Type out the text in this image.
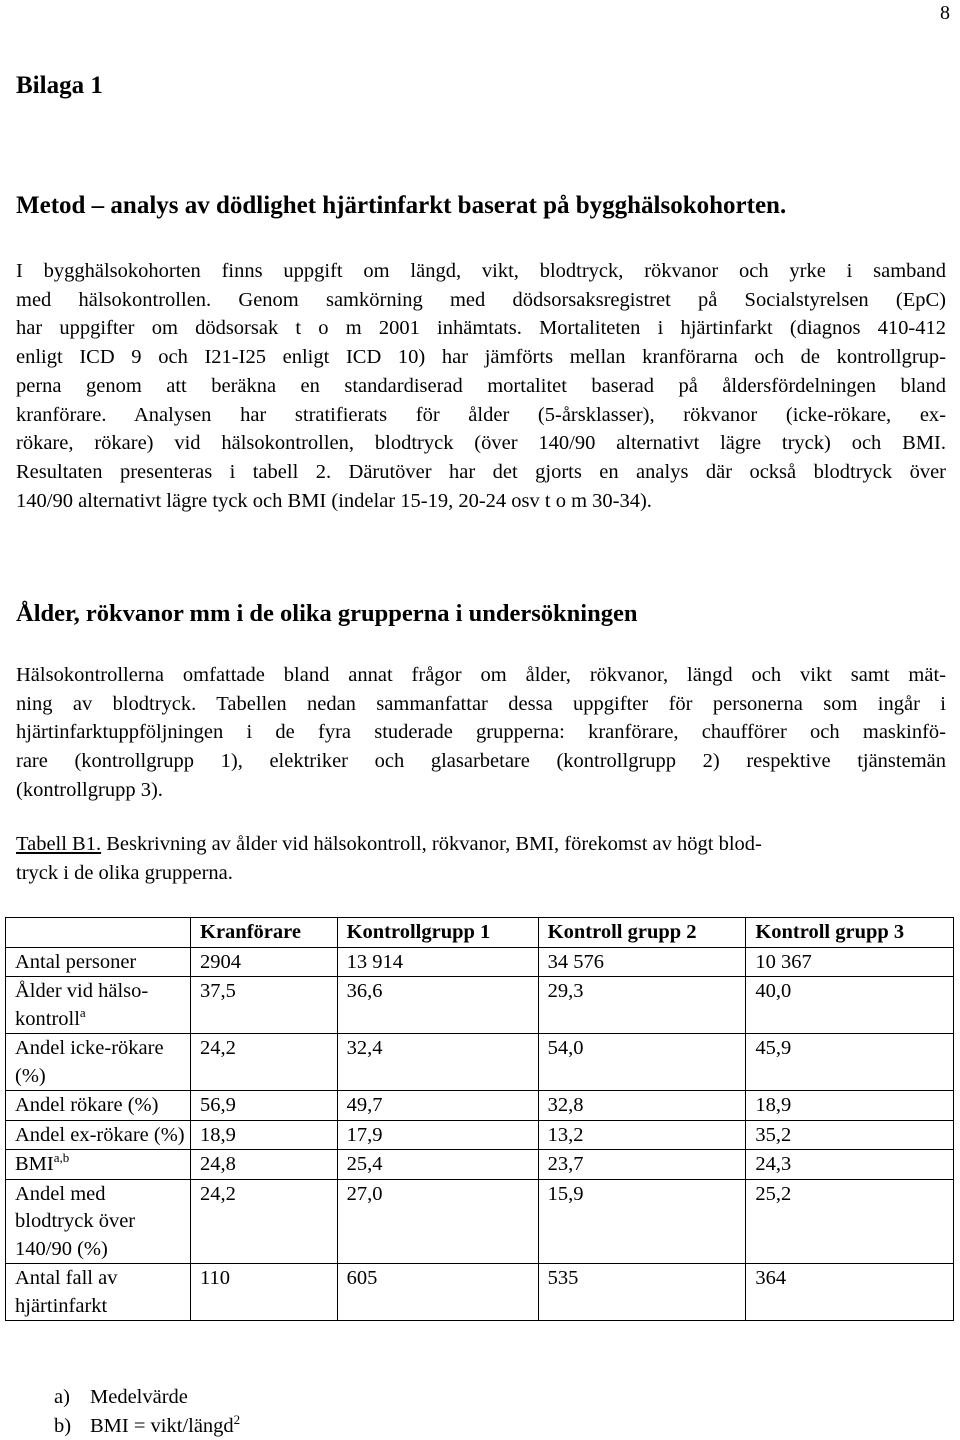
8
Bilaga 1
Metod – analys av dödlighet hjärtinfarkt baserat på bygghälsokohorten.
I bygghälsokohorten finns uppgift om längd, vikt, blodtryck, rökvanor och yrke i samband
med hälsokontrollen. Genom samkörning med dödsorsaksregistret på Socialstyrelsen (EpC)
har uppgifter om dödsorsak t o m 2001 inhämtats. Mortaliteten i hjärtinfarkt (diagnos 410-412
enligt ICD 9 och I21-I25 enligt ICD 10) har jämförts mellan kranförarna och de kontrollgrup-
perna genom att beräkna en standardiserad mortalitet baserad på åldersfördelningen bland
kranförare. Analysen har stratifierats för ålder (5-årsklasser), rökvanor (icke-rökare, ex-
rökare, rökare) vid hälsokontrollen, blodtryck (över 140/90 alternativt lägre tryck) och BMI.
Resultaten presenteras i tabell 2. Därutöver har det gjorts en analys där också blodtryck över
140/90 alternativt lägre tyck och BMI (indelar 15-19, 20-24 osv t o m 30-34).
Ålder, rökvanor mm i de olika grupperna i undersökningen
Hälsokontrollerna omfattade bland annat frågor om ålder, rökvanor, längd och vikt samt mät-
ning av blodtryck. Tabellen nedan sammanfattar dessa uppgifter för personerna som ingår i
hjärtinfarktuppföljningen i de fyra studerade grupperna: kranförare, chaufförer och maskinfö-
rare (kontrollgrupp 1), elektriker och glasarbetare (kontrollgrupp 2) respektive tjänstemän
(kontrollgrupp 3).
Tabell B1. Beskrivning av ålder vid hälsokontroll, rökvanor, BMI, förekomst av högt blod-
tryck i de olika grupperna.
	Kranförare	Kontrollgrupp 1	Kontroll grupp 2	Kontroll grupp 3
Antal personer	2904	13 914	34 576	10 367
Ålder vid hälso-kontroll$^a$	37,5	36,6	29,3	40,0
Andel icke-rökare (%)	24,2	32,4	54,0	45,9
Andel rökare (%)	56,9	49,7	32,8	18,9
Andel ex-rökare (%)	18,9	17,9	13,2	35,2
BMI$^{a,b}$	24,8	25,4	23,7	24,3
Andel med blodtryck över 140/90 (%)	24,2	27,0	15,9	25,2
Antal fall av hjärtinfarkt	110	605	535	364
a) Medelvärde
b) BMI = vikt/längd$^2$
